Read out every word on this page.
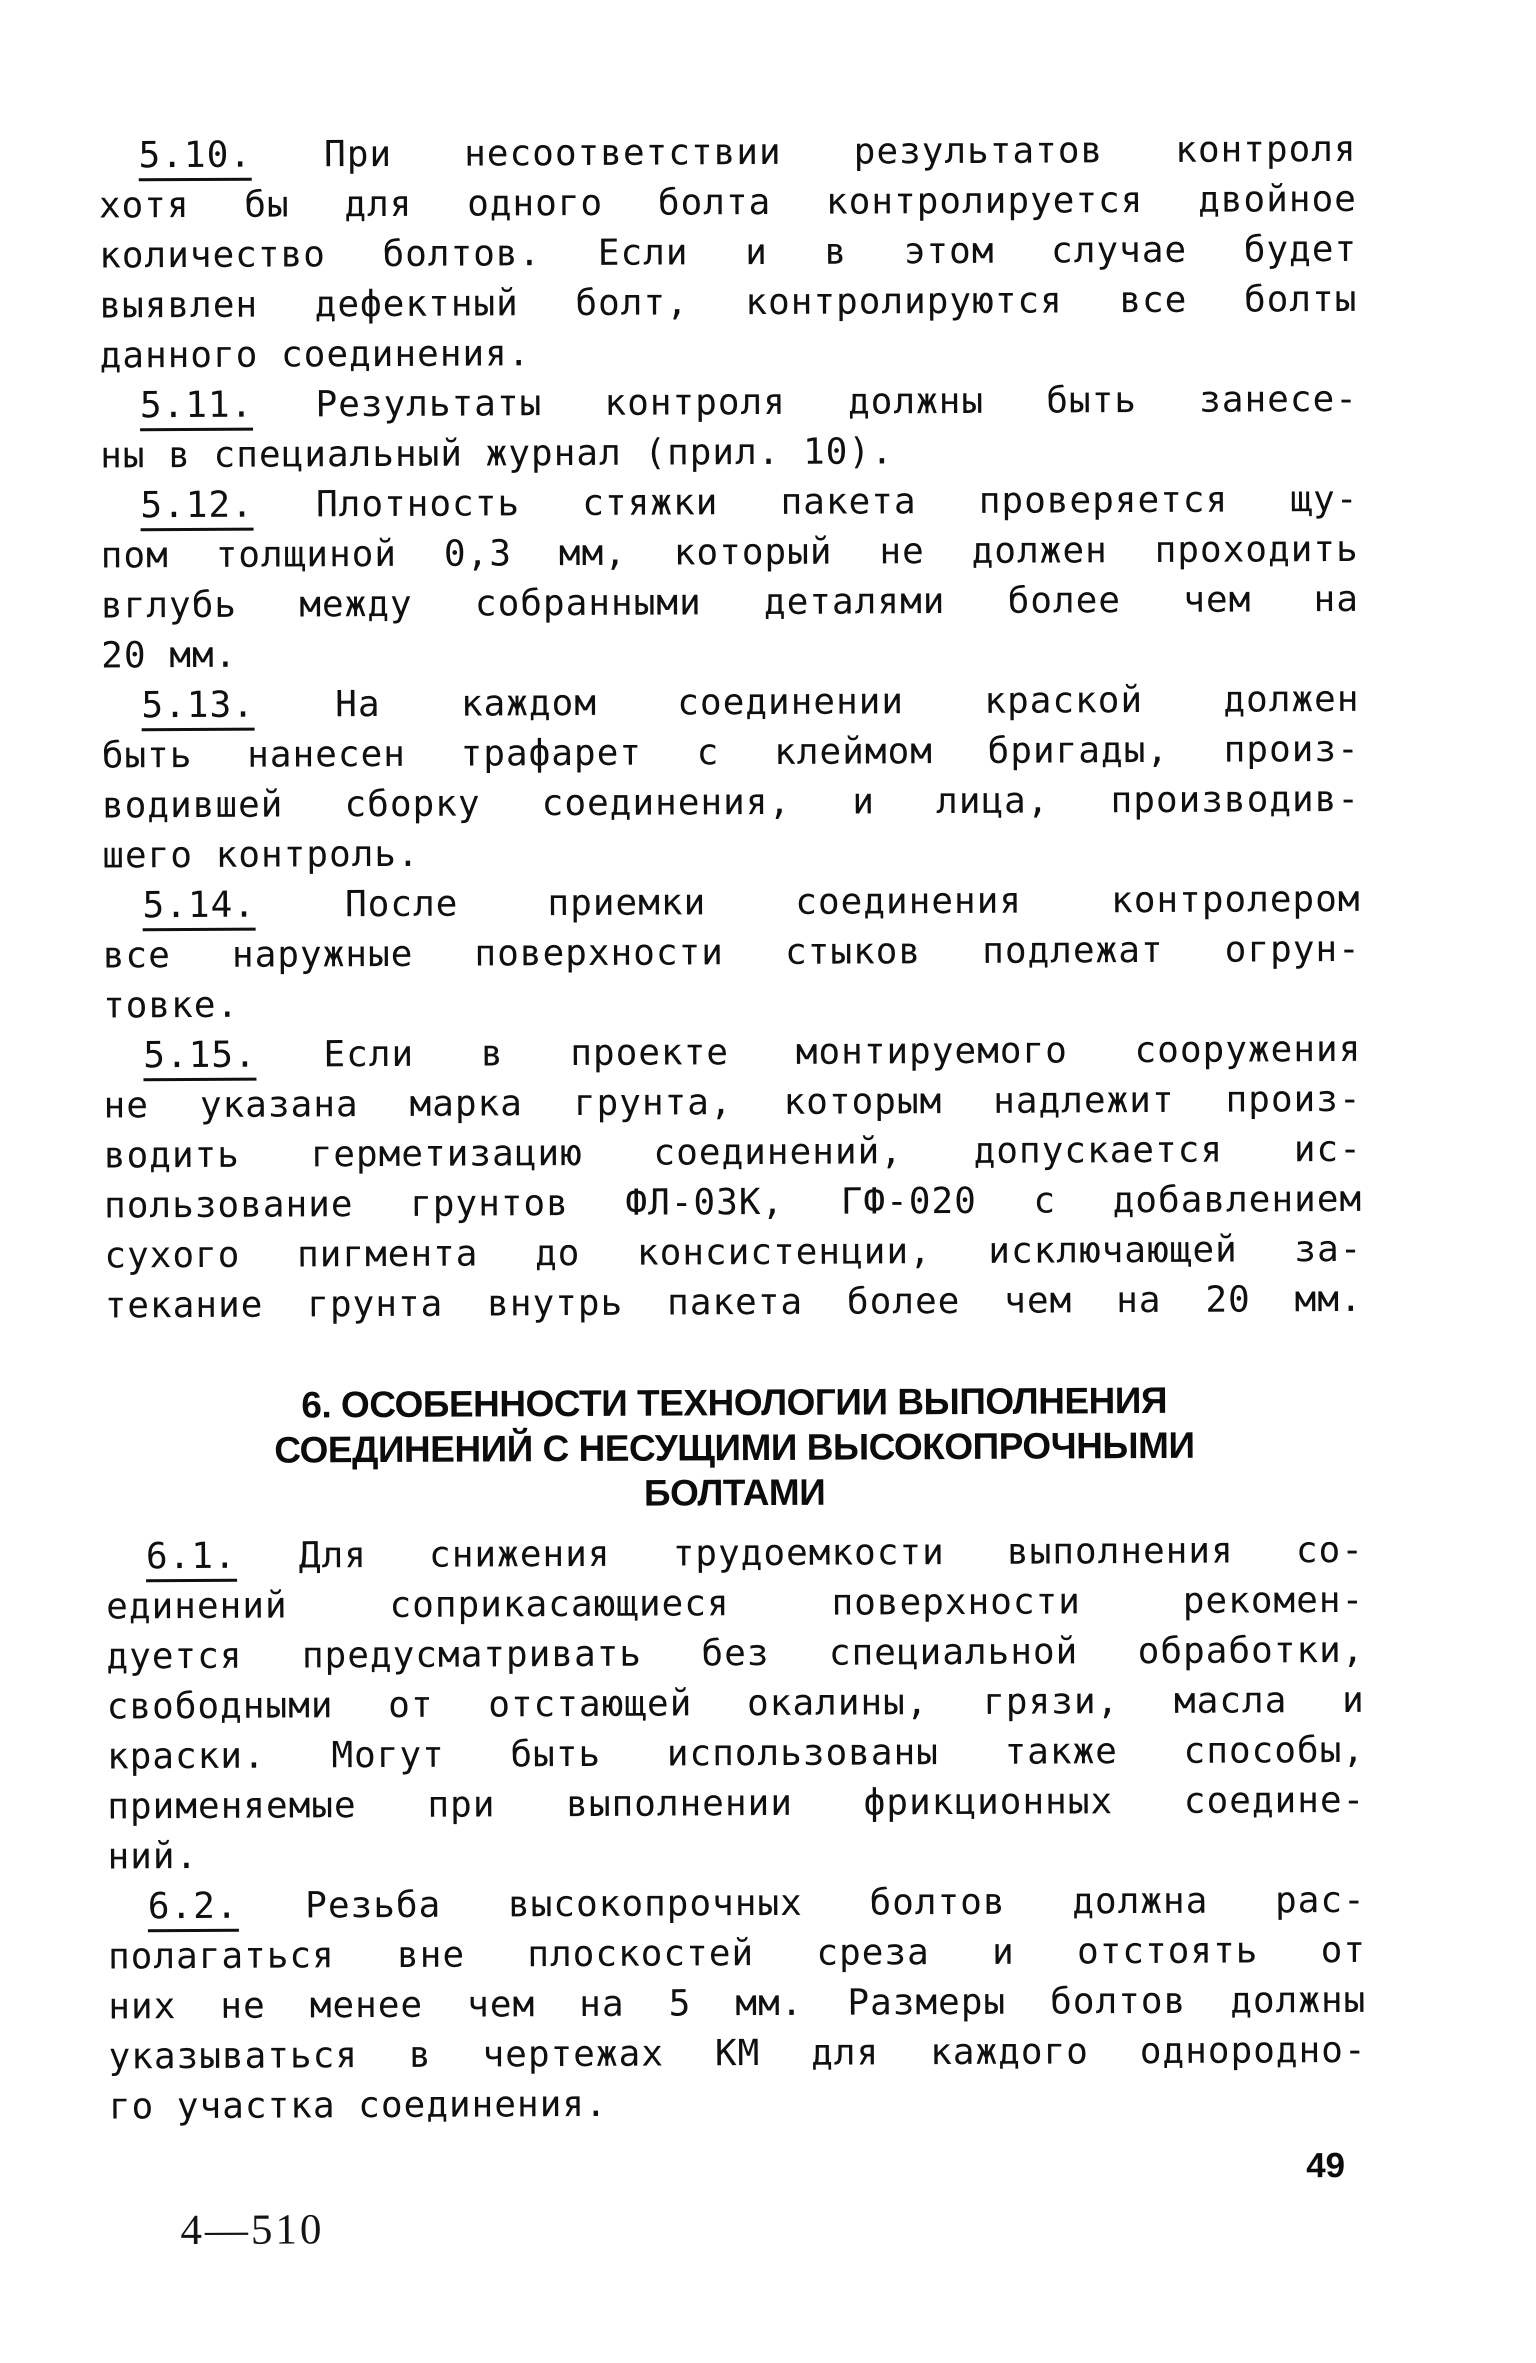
5.10. При несоответствии результатов контроля
хотя бы для одного болта контролируется двойное
количество болтов. Если и в этом случае будет
выявлен дефектный болт, контролируются все болты
данного соединения.
5.11. Результаты контроля должны быть занесе-
ны в специальный журнал (прил. 10).
5.12. Плотность стяжки пакета проверяется щу-
пом толщиной 0,3 мм, который не должен проходить
вглубь между собранными деталями более чем на
20 мм.
5.13. На каждом соединении краской должен
быть нанесен трафарет с клеймом бригады, произ-
водившей сборку соединения, и лица, производив-
шего контроль.
5.14. После приемки соединения контролером
все наружные поверхности стыков подлежат огрун-
товке.
5.15. Если в проекте монтируемого сооружения
не указана марка грунта, которым надлежит произ-
водить герметизацию соединений, допускается ис-
пользование грунтов ФЛ-03К, ГФ-020 с добавлением
сухого пигмента до консистенции, исключающей за-
текание грунта внутрь пакета более чем на 20 мм.
6. ОСОБЕННОСТИ ТЕХНОЛОГИИ ВЫПОЛНЕНИЯ
СОЕДИНЕНИЙ С НЕСУЩИМИ ВЫСОКОПРОЧНЫМИ
БОЛТАМИ
6.1. Для снижения трудоемкости выполнения со-
единений соприкасающиеся поверхности рекомен-
дуется предусматривать без специальной обработки,
свободными от отстающей окалины, грязи, масла и
краски. Могут быть использованы также способы,
применяемые при выполнении фрикционных соедине-
ний.
6.2. Резьба высокопрочных болтов должна рас-
полагаться вне плоскостей среза и отстоять от
них не менее чем на 5 мм. Размеры болтов должны
указываться в чертежах КМ для каждого однородно-
го участка соединения.
49
4—510
